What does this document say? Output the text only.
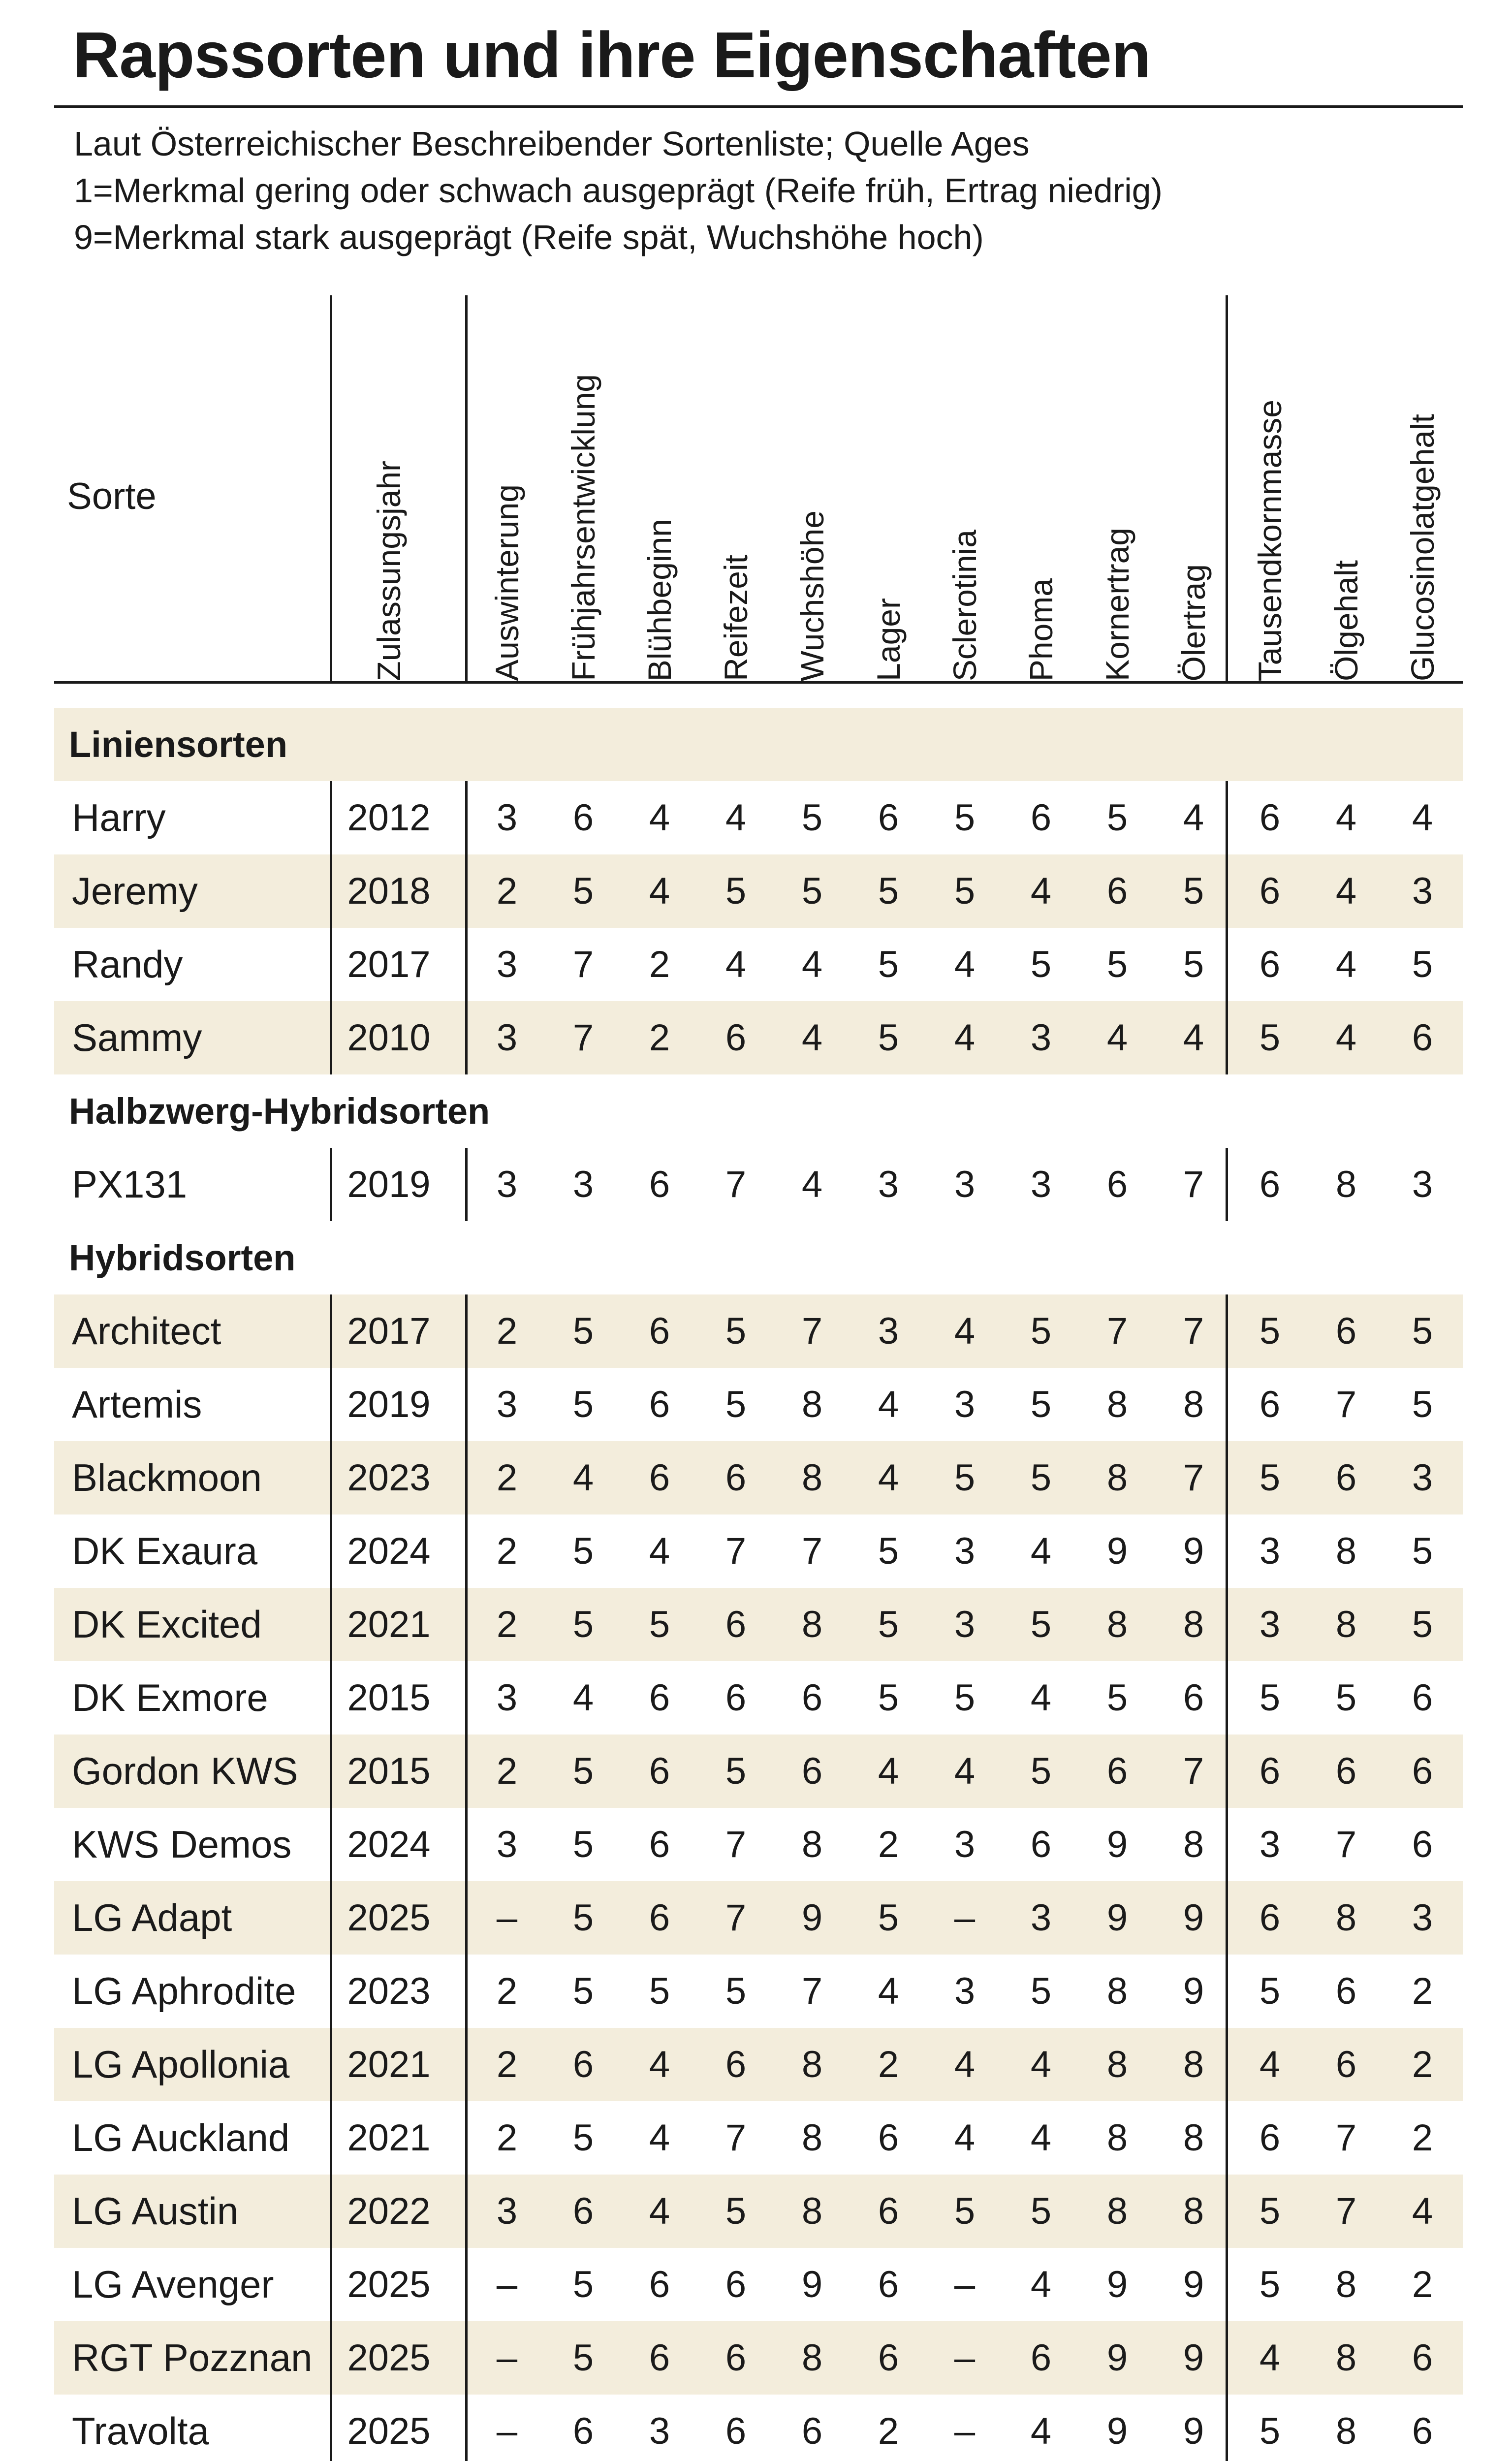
Rapssorten und ihre Eigenschaften
Laut Österreichischer Beschreibender Sortenliste; Quelle Ages
1=Merkmal gering oder schwach ausgeprägt (Reife früh, Ertrag niedrig)
9=Merkmal stark ausgeprägt (Reife spät, Wuchshöhe hoch)
Sorte	Zulassungsjahr	Auswinterung Frühjahrsentwicklung Blühbeginn Reifezeit Wuchshöhe Lager Sclerotinia Phoma Kornertrag Ölertrag Tausendkornmasse Ölgehalt Glucosinolatgehalt
Liniensorten
Harry	2012	3	6	4	4	5	6	5	6	5	4	6	4	4
Jeremy	2018	2	5	4	5	5	5	5	4	6	5	6	4	3
Randy	2017	3	7	2	4	4	5	4	5	5	5	6	4	5
Sammy	2010	3	7	2	6	4	5	4	3	4	4	5	4	6
Halbzwerg-Hybridsorten
PX131	2019	3	3	6	7	4	3	3	3	6	7	6	8	3
Hybridsorten
Architect	2017	2	5	6	5	7	3	4	5	7	7	5	6	5
Artemis	2019	3	5	6	5	8	4	3	5	8	8	6	7	5
Blackmoon	2023	2	4	6	6	8	4	5	5	8	7	5	6	3
DK Exaura	2024	2	5	4	7	7	5	3	4	9	9	3	8	5
DK Excited	2021	2	5	5	6	8	5	3	5	8	8	3	8	5
DK Exmore	2015	3	4	6	6	6	5	5	4	5	6	5	5	6
Gordon KWS	2015	2	5	6	5	6	4	4	5	6	7	6	6	6
KWS Demos	2024	3	5	6	7	8	2	3	6	9	8	3	7	6
LG Adapt	2025	–	5	6	7	9	5	–	3	9	9	6	8	3
LG Aphrodite	2023	2	5	5	5	7	4	3	5	8	9	5	6	2
LG Apollonia	2021	2	6	4	6	8	2	4	4	8	8	4	6	2
LG Auckland	2021	2	5	4	7	8	6	4	4	8	8	6	7	2
LG Austin	2022	3	6	4	5	8	6	5	5	8	8	5	7	4
LG Avenger	2025	–	5	6	6	9	6	–	4	9	9	5	8	2
RGT Pozznan 2025	–	5	6	6	8	6	–	6	9	9	4	8	6
Travolta	2025	–	6	3	6	6	2	–	4	9	9	5	8	6
